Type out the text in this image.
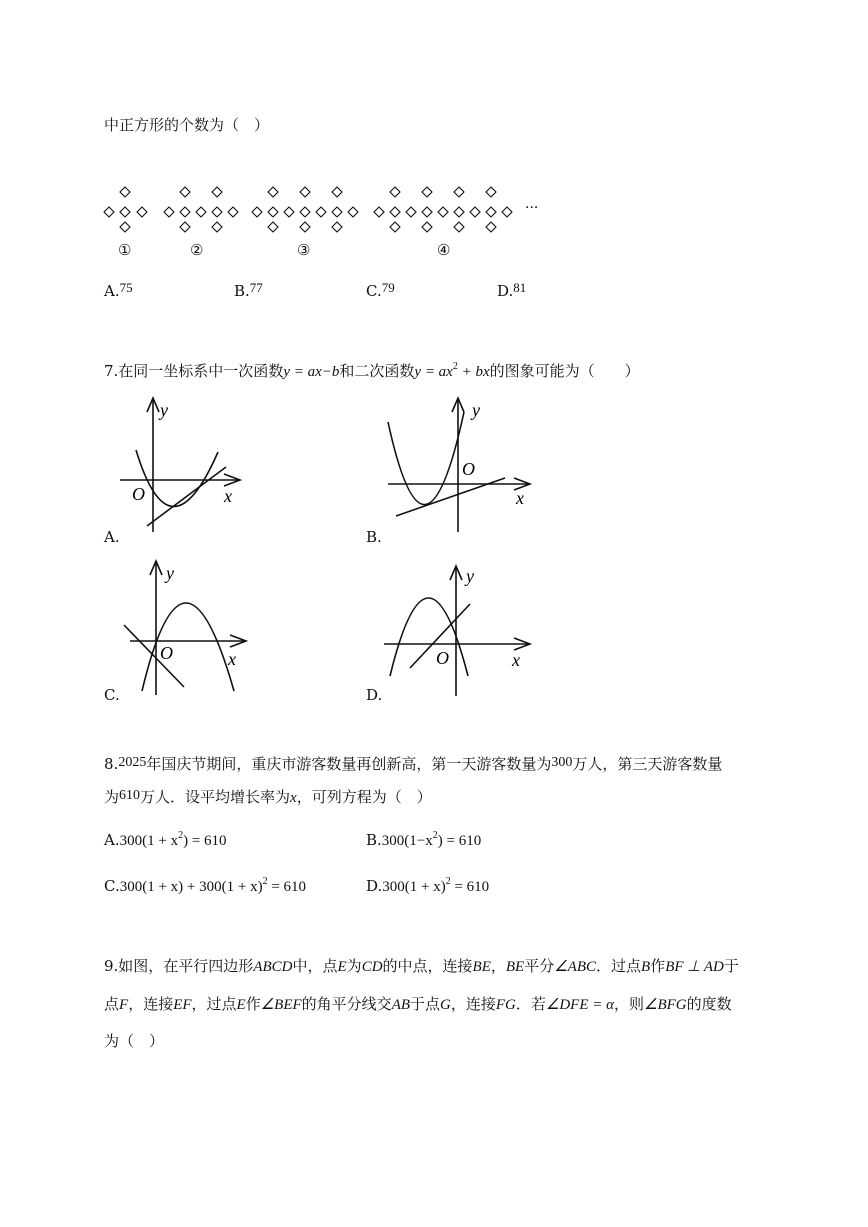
中正方形的个数为（　）
①	②	③	④
···
A.75	B.77	C.79	D.81
7.在同一坐标系中一次函数y = ax−b和二次函数$y = ax^2$ + bx的图象可能为（　　）
y
x
O
A.
y
x
O
B.
y
x
O
C.
y
x
O
D.
8.2025年国庆节期间，重庆市游客数量再创新高，第一天游客数量为300万人，第三天游客数量
为610万人．设平均增长率为x，可列方程为（　）
$A.300(1 + x^2) = 610$	$B.300(1-x^2) = 610$
$C.300(1 + x) + 300(1 + x)^2 = 610$	$D.300(1 + x)^2 = 610$
9.如图，在平行四边形ABCD中，点E为CD的中点，连接BE，BE平分∠ABC．过点B作BF ⊥ AD于
点F，连接EF，过点E作∠BEF的角平分线交AB于点G，连接FG．若∠DFE = α，则∠BFG的度数
为（　）
